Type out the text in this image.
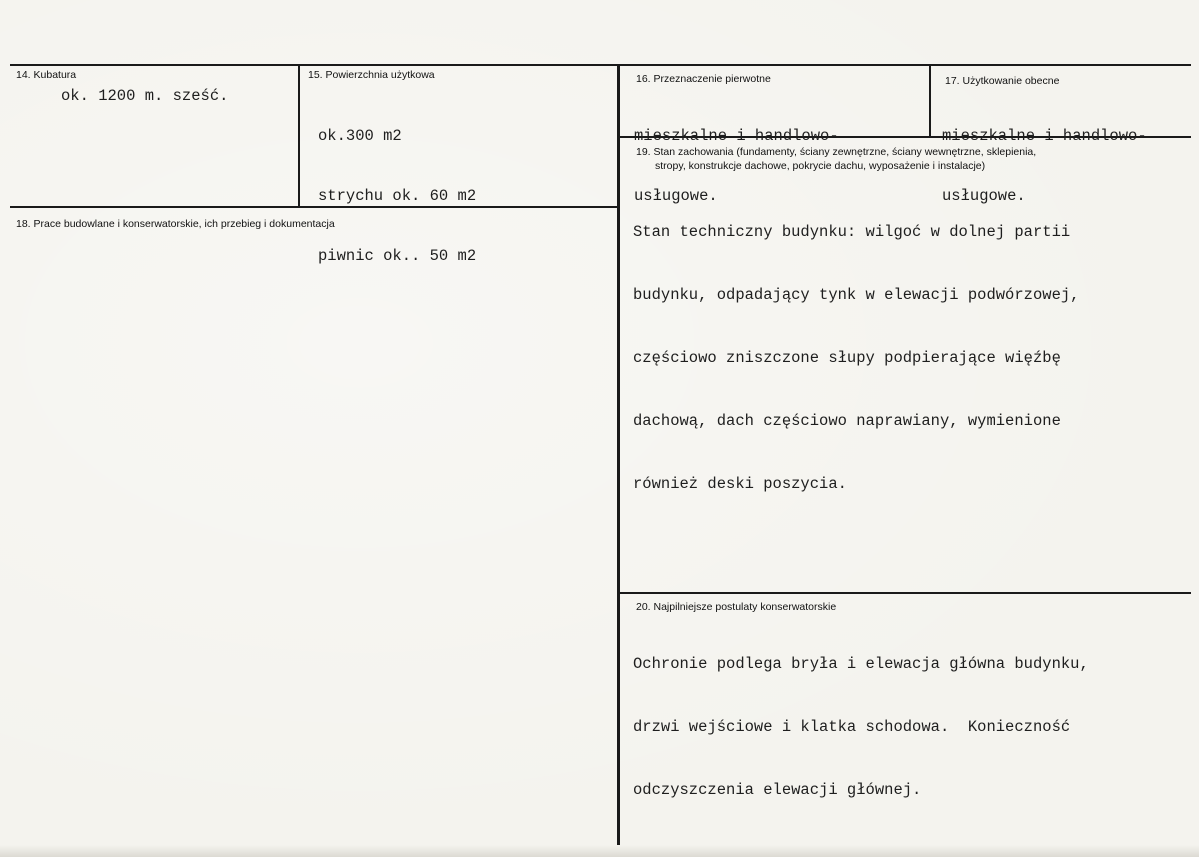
14. Kubatura
ok. 1200 m. sześć.
15. Powierzchnia użytkowa

ok.300 m2

strychu ok. 60 m2

piwnic ok.. 50 m2

16. Przeznaczenie pierwotne

mieszkalne i handlowo-

usługowe.

17. Użytkowanie obecne

mieszkalne i handlowo-

usługowe.

18. Prace budowlane i konserwatorskie, ich przebieg i dokumentacja
19. Stan zachowania (fundamenty, ściany zewnętrzne, ściany wewnętrzne, sklepienia,
stropy, konstrukcje dachowe, pokrycie dachu, wyposażenie i instalacje)

Stan techniczny budynku: wilgoć w dolnej partii

budynku, odpadający tynk w elewacji podwórzowej,

częściowo zniszczone słupy podpierające więźbę

dachową, dach częściowo naprawiany, wymienione

również deski poszycia.

20. Najpilniejsze postulaty konserwatorskie

Ochronie podlega bryła i elewacja główna budynku,

drzwi wejściowe i klatka schodowa.  Konieczność

odczyszczenia elewacji głównej.
